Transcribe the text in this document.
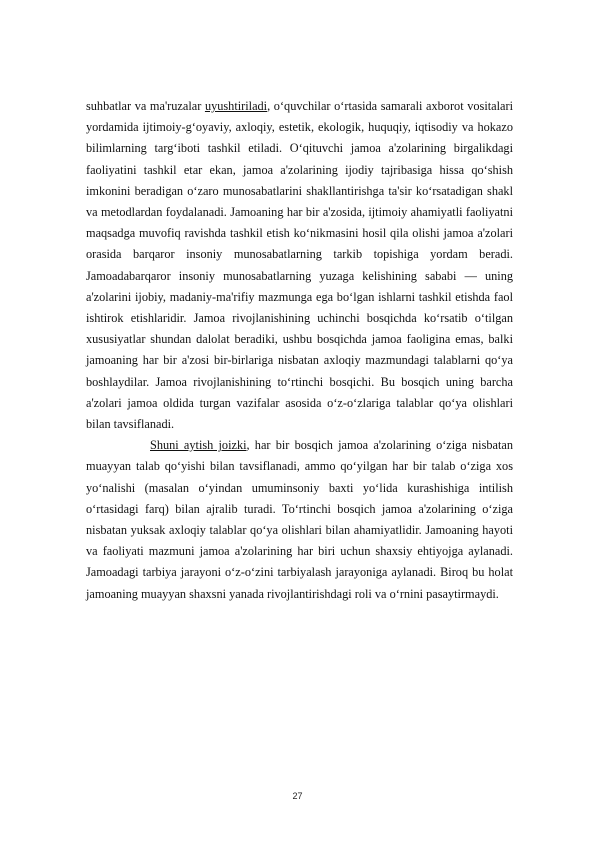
suhbatlar va ma'ruzalar uyushtiriladi, o‘quvchilar o‘rtasida samarali axborot vositalari yordamida ijtimoiy-g‘oyaviy, axloqiy, estetik, ekologik, huquqiy, iqtisodiy va hokazo bilimlarning targ‘iboti tashkil etiladi. O‘qituvchi jamoa a'zolarining birgalikdagi faoliyatini tashkil etar ekan, jamoa a'zolarining ijodiy tajribasiga hissa qo‘shish imkonini beradigan o‘zaro munosabatlarini shakllantirishga ta'sir ko‘rsatadigan shakl va metodlardan foydalanadi. Jamoaning har bir a'zosida, ijtimoiy ahamiyatli faoliyatni maqsadga muvofiq ravishda tashkil etish ko‘nikmasini hosil qila olishi jamoa a'zolari orasida barqaror insoniy munosabatlarning tarkib topishiga yordam beradi. Jamoadabarqaror insoniy munosabatlarning yuzaga kelishining sababi — uning a'zolarini ijobiy, madaniy-ma'rifiy mazmunga ega bo‘lgan ishlarni tashkil etishda faol ishtirok etishlaridir. Jamoa rivojlanishining uchinchi bosqichda ko‘rsatib o‘tilgan xususiyatlar shundan dalolat beradiki, ushbu bosqichda jamoa faoligina emas, balki jamoaning har bir a'zosi bir-birlariga nisbatan axloqiy mazmundagi talablarni qo‘ya boshlaydilar. Jamoa rivojlanishining to‘rtinchi bosqichi. Bu bosqich uning barcha a'zolari jamoa oldida turgan vazifalar asosida o‘z-o‘zlariga talablar qo‘ya olishlari bilan tavsiflanadi.

Shuni aytish joizki, har bir bosqich jamoa a'zolarining o‘ziga nisbatan muayyan talab qo‘yishi bilan tavsiflanadi, ammo qo‘yilgan har bir talab o‘ziga xos yo‘nalishi (masalan o‘yindan umuminsoniy baxti yo‘lida kurashishiga intilish o‘rtasidagi farq) bilan ajralib turadi. To‘rtinchi bosqich jamoa a'zolarining o‘ziga nisbatan yuksak axloqiy talablar qo‘ya olishlari bilan ahamiyatlidir. Jamoaning hayoti va faoliyati mazmuni jamoa a'zolarining har biri uchun shaxsiy ehtiyojga aylanadi. Jamoadagi tarbiya jarayoni o‘z-o‘zini tarbiyalash jarayoniga aylanadi. Biroq bu holat jamoaning muayyan shaxsni yanada rivojlantirishdagi roli va o‘rnini pasaytirmaydi.

27
